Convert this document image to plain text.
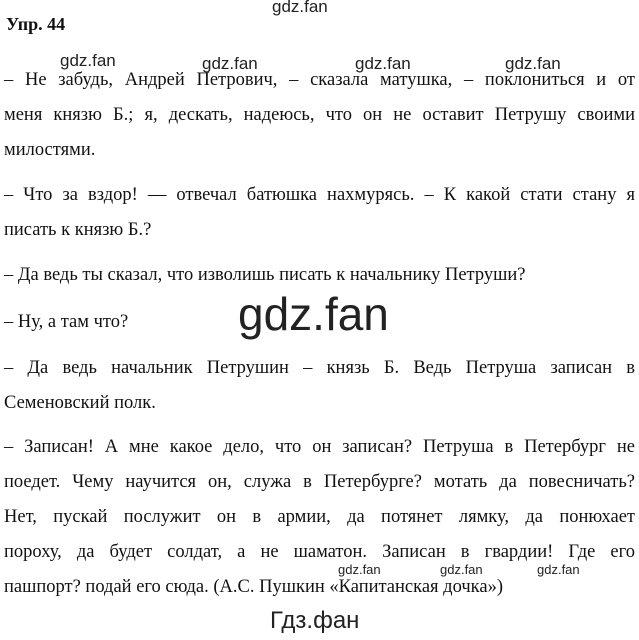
gdz.fan
Упр. 44
gdz.fan	gdz.fan	gdz.fan	gdz.fan
– Не забудь, Андрей Петрович, – сказала матушка, – поклониться и от
меня князю Б.; я, дескать, надеюсь, что он не оставит Петрушу своими
милостями.
– Что за вздор! — отвечал батюшка нахмурясь. – К какой стати стану я
писать к князю Б.?
– Да ведь ты сказал, что изволишь писать к начальнику Петруши?
gdz.fan
– Ну, а там что?
– Да ведь начальник Петрушин – князь Б. Ведь Петруша записан в
Семеновский полк.
– Записан! А мне какое дело, что он записан? Петруша в Петербург не
поедет. Чему научится он, служа в Петербурге? мотать да повесничать?
Нет, пускай послужит он в армии, да потянет лямку, да понюхает
пороху, да будет солдат, а не шаматон. Записан в гвардии! Где его
gdz.fan	gdz.fan	gdz.fan
пашпорт? подай его сюда. (А.С. Пушкин «Капитанская дочка»)
Гдз.фан
